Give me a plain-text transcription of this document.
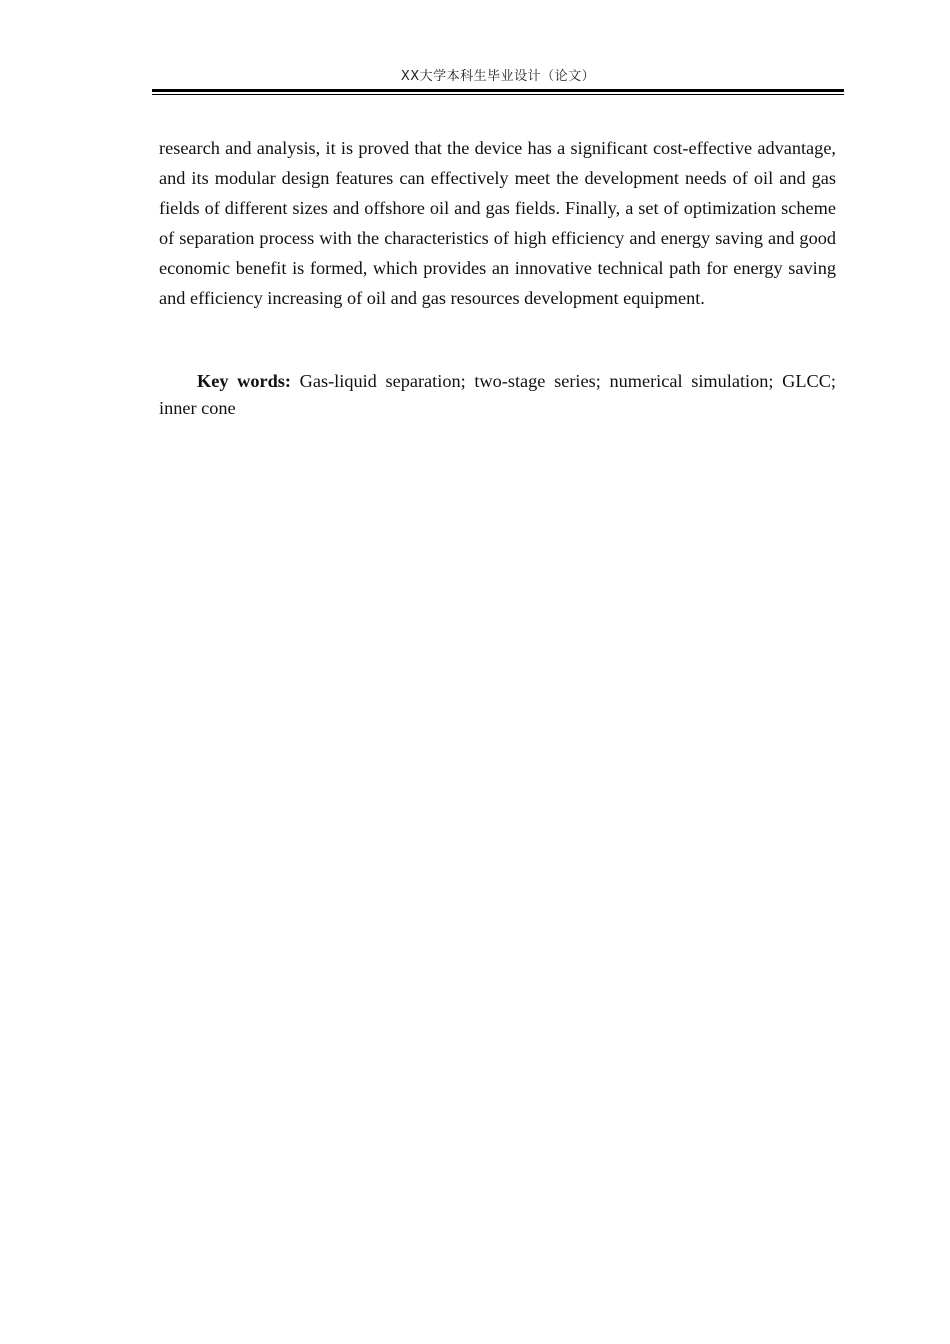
XX大学本科生毕业设计（论文）

research and analysis, it is proved that the device has a significant cost-effective advantage, and its modular design features can effectively meet the development needs of oil and gas fields of different sizes and offshore oil and gas fields. Finally, a set of optimization scheme of separation process with the characteristics of high efficiency and energy saving and good economic benefit is formed, which provides an innovative technical path for energy saving and efficiency increasing of oil and gas resources development equipment.

Key words: Gas-liquid separation; two-stage series; numerical simulation; GLCC; inner cone
